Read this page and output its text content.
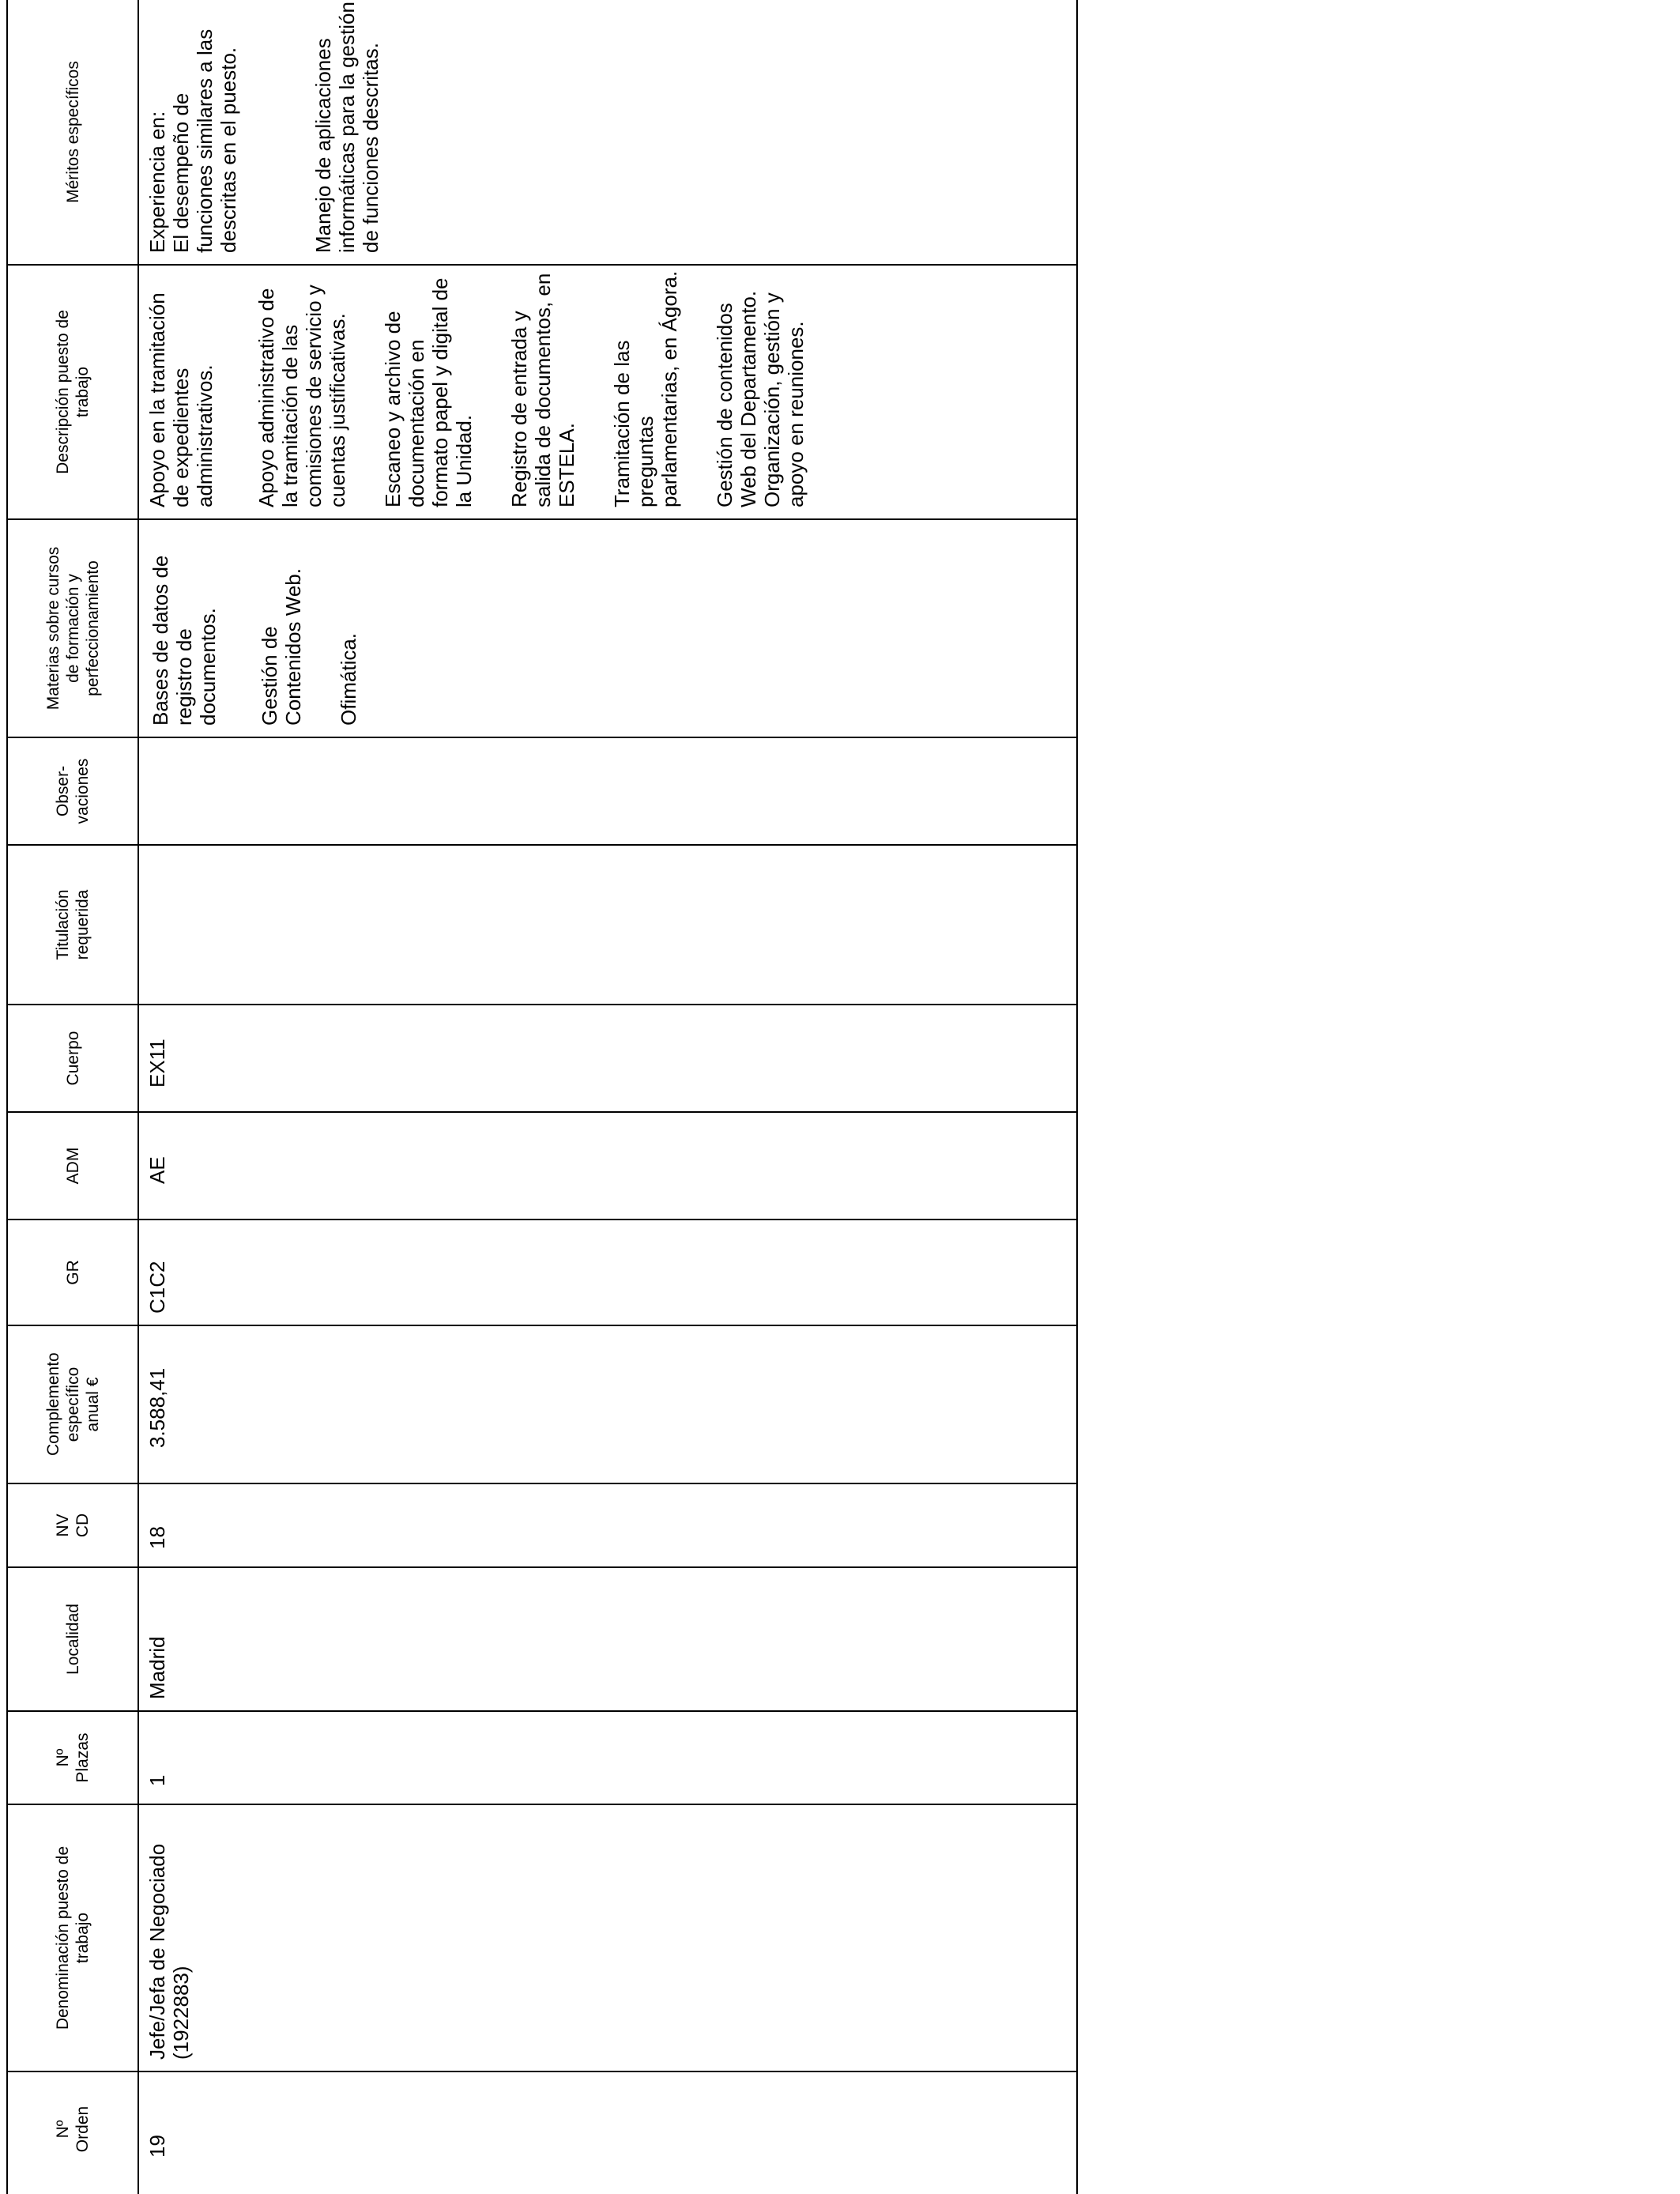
Nº Orden
Denominación puesto de trabajo
Nº Plazas
Localidad
NV CD
Complemento específico anual €
GR
ADM
Cuerpo
Titulación requerida
Obser- vaciones
Materias sobre cursos de formación y perfeccionamiento
Descripción puesto de trabajo
Méritos específicos
19
Jefe/Jefa de Negociado (1922883)
1
Madrid
18
3.588,41
C1C2
AE
EX11
Bases de datos de registro de documentos. Gestión de Contenidos Web. Ofimática.
Apoyo en la tramitación de expedientes administrativos. Apoyo administrativo de la tramitación de las comisiones de servicio y cuentas justificativas. Escaneo y archivo de documentación en formato papel y digital de la Unidad. Registro de entrada y salida de documentos, en ESTELA. Tramitación de las preguntas parlamentarias, en Ágora. Gestión de contenidos Web del Departamento. Organización, gestión y apoyo en reuniones.
Experiencia en: El desempeño de funciones similares a las descritas en el puesto.	Manejo de aplicaciones informáticas para la gestión de funciones descritas.
